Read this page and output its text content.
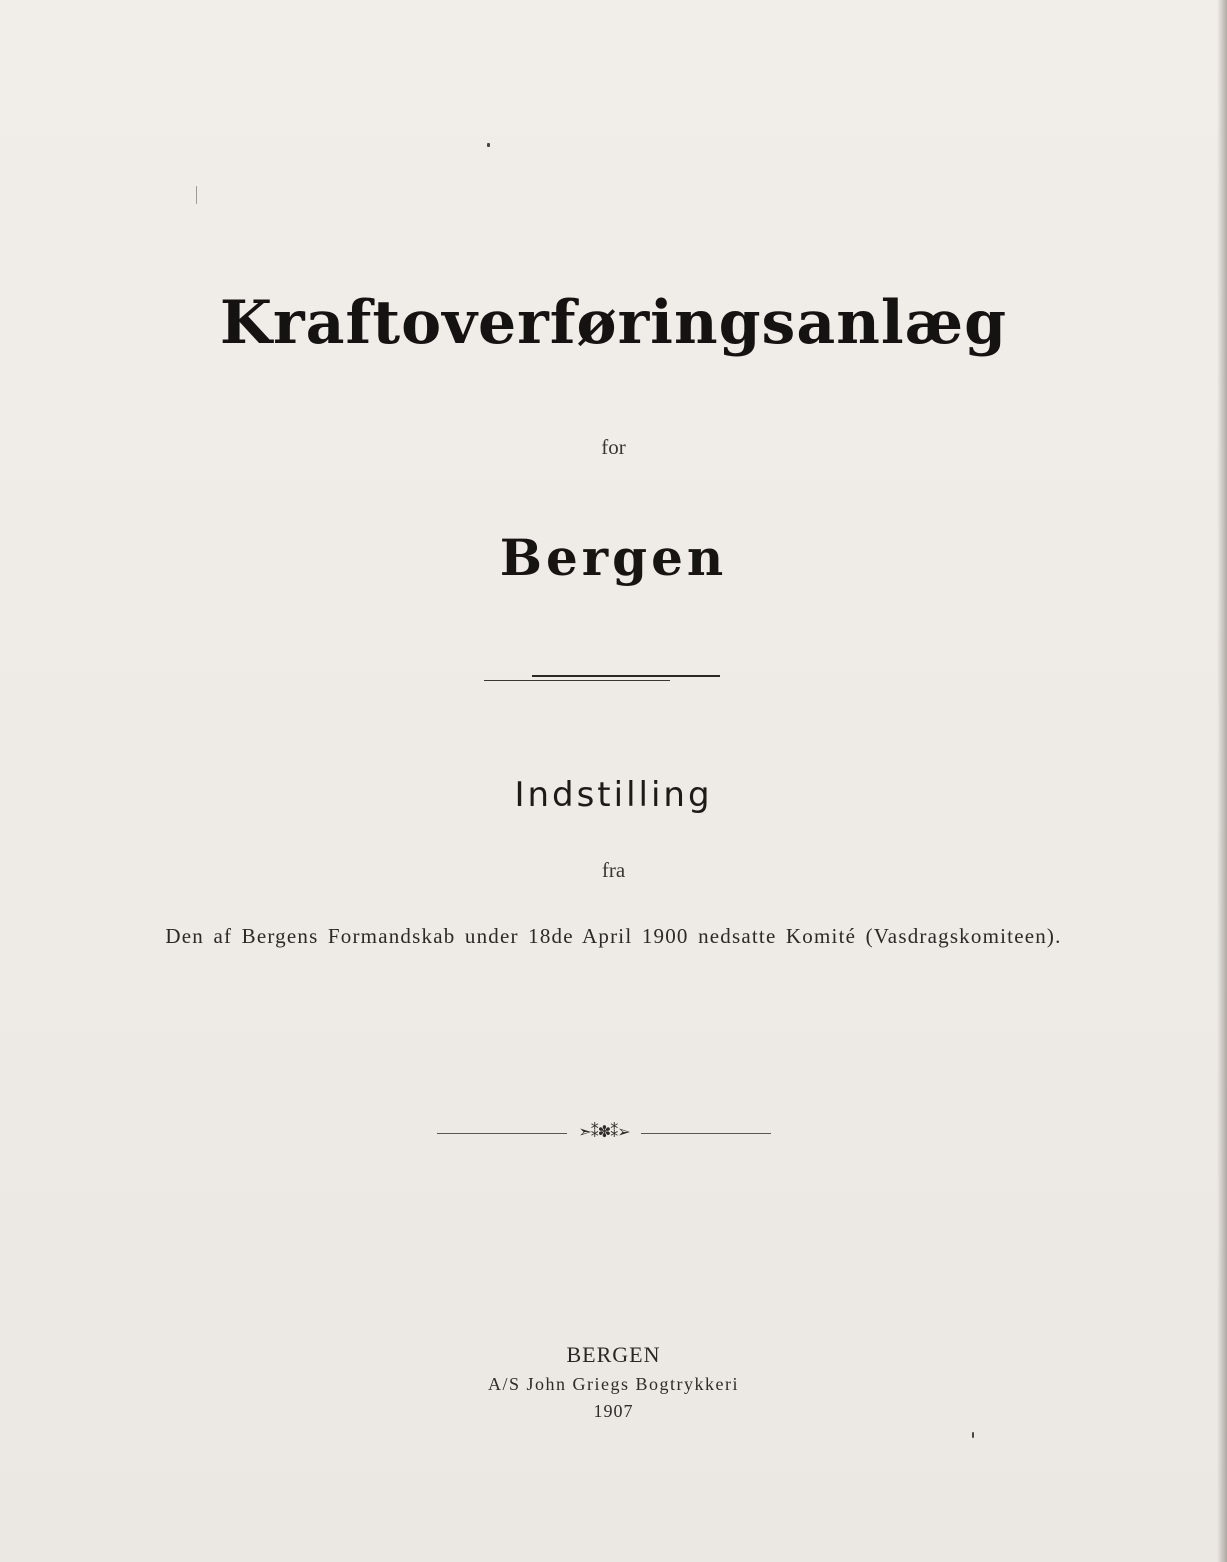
Kraftoverføringsanlæg
for
Bergen
Indstilling
fra
Den af Bergens Formandskab under 18de April 1900 nedsatte Komité (Vasdragskomiteen).
➣⁑✽⁑➢
BERGEN
A/S John Griegs Bogtrykkeri
1907
